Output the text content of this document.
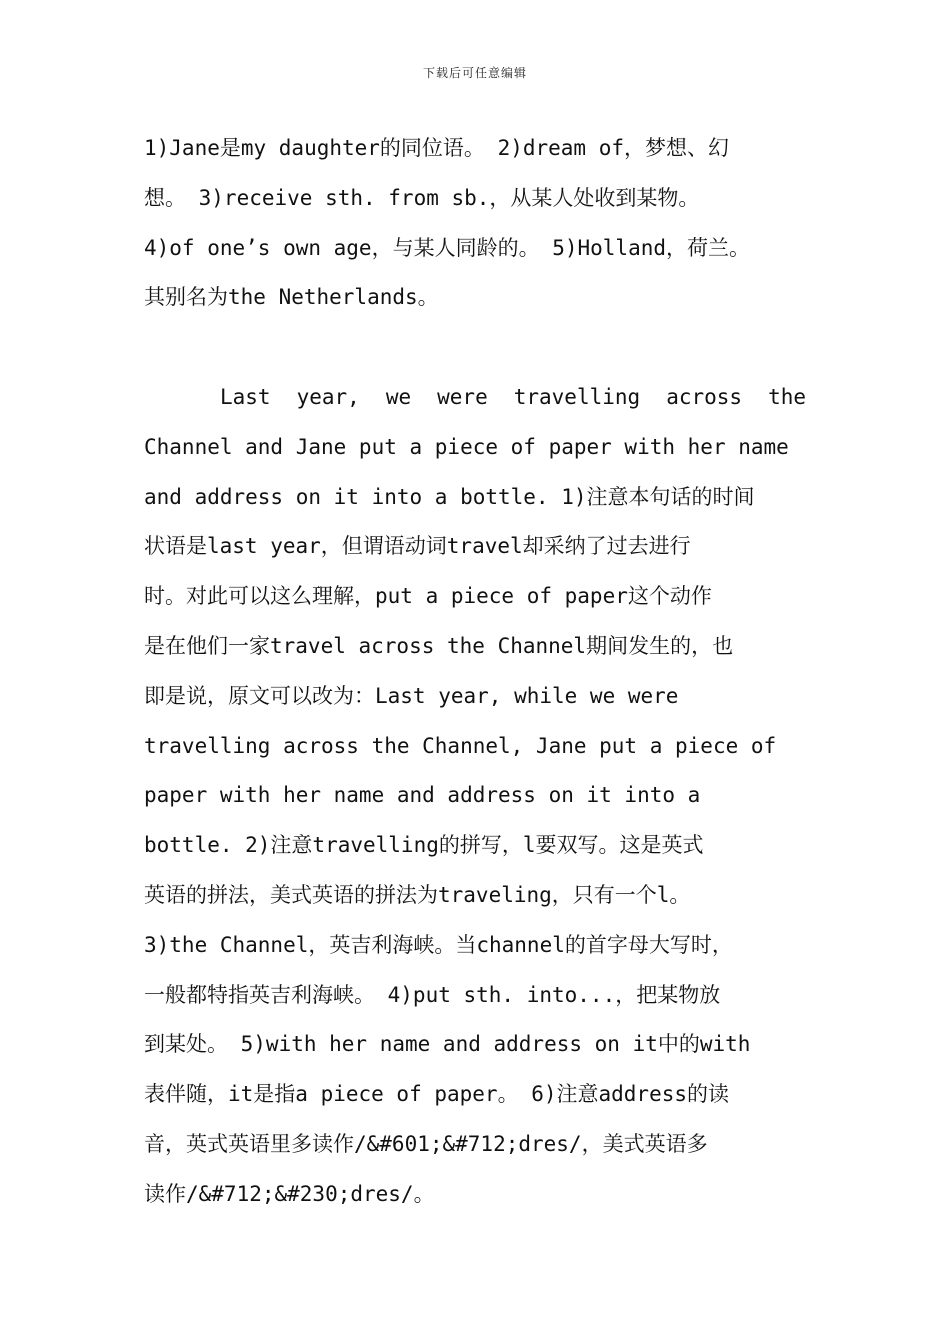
下载后可任意编辑
1)Jane是my daughter的同位语。 2)dream of，梦想、幻
想。 3)receive sth. from sb.，从某人处收到某物。
4)of one’s own age，与某人同龄的。 5)Holland，荷兰。
其别名为the Netherlands。
Last year, we were travelling across the
Channel and Jane put a piece of paper with her name
and address on it into a bottle. 1)注意本句话的时间
状语是last year，但谓语动词travel却采纳了过去进行
时。对此可以这么理解，put a piece of paper这个动作
是在他们一家travel across the Channel期间发生的，也
即是说，原文可以改为：Last year, while we were
travelling across the Channel, Jane put a piece of
paper with her name and address on it into a
bottle. 2)注意travelling的拼写，l要双写。这是英式
英语的拼法，美式英语的拼法为traveling，只有一个l。
3)the Channel，英吉利海峡。当channel的首字母大写时，
一般都特指英吉利海峡。 4)put sth. into...，把某物放
到某处。 5)with her name and address on it中的with
表伴随，it是指a piece of paper。 6)注意address的读
音，英式英语里多读作/&#601;&#712;dres/，美式英语多
读作/&#712;&#230;dres/。
